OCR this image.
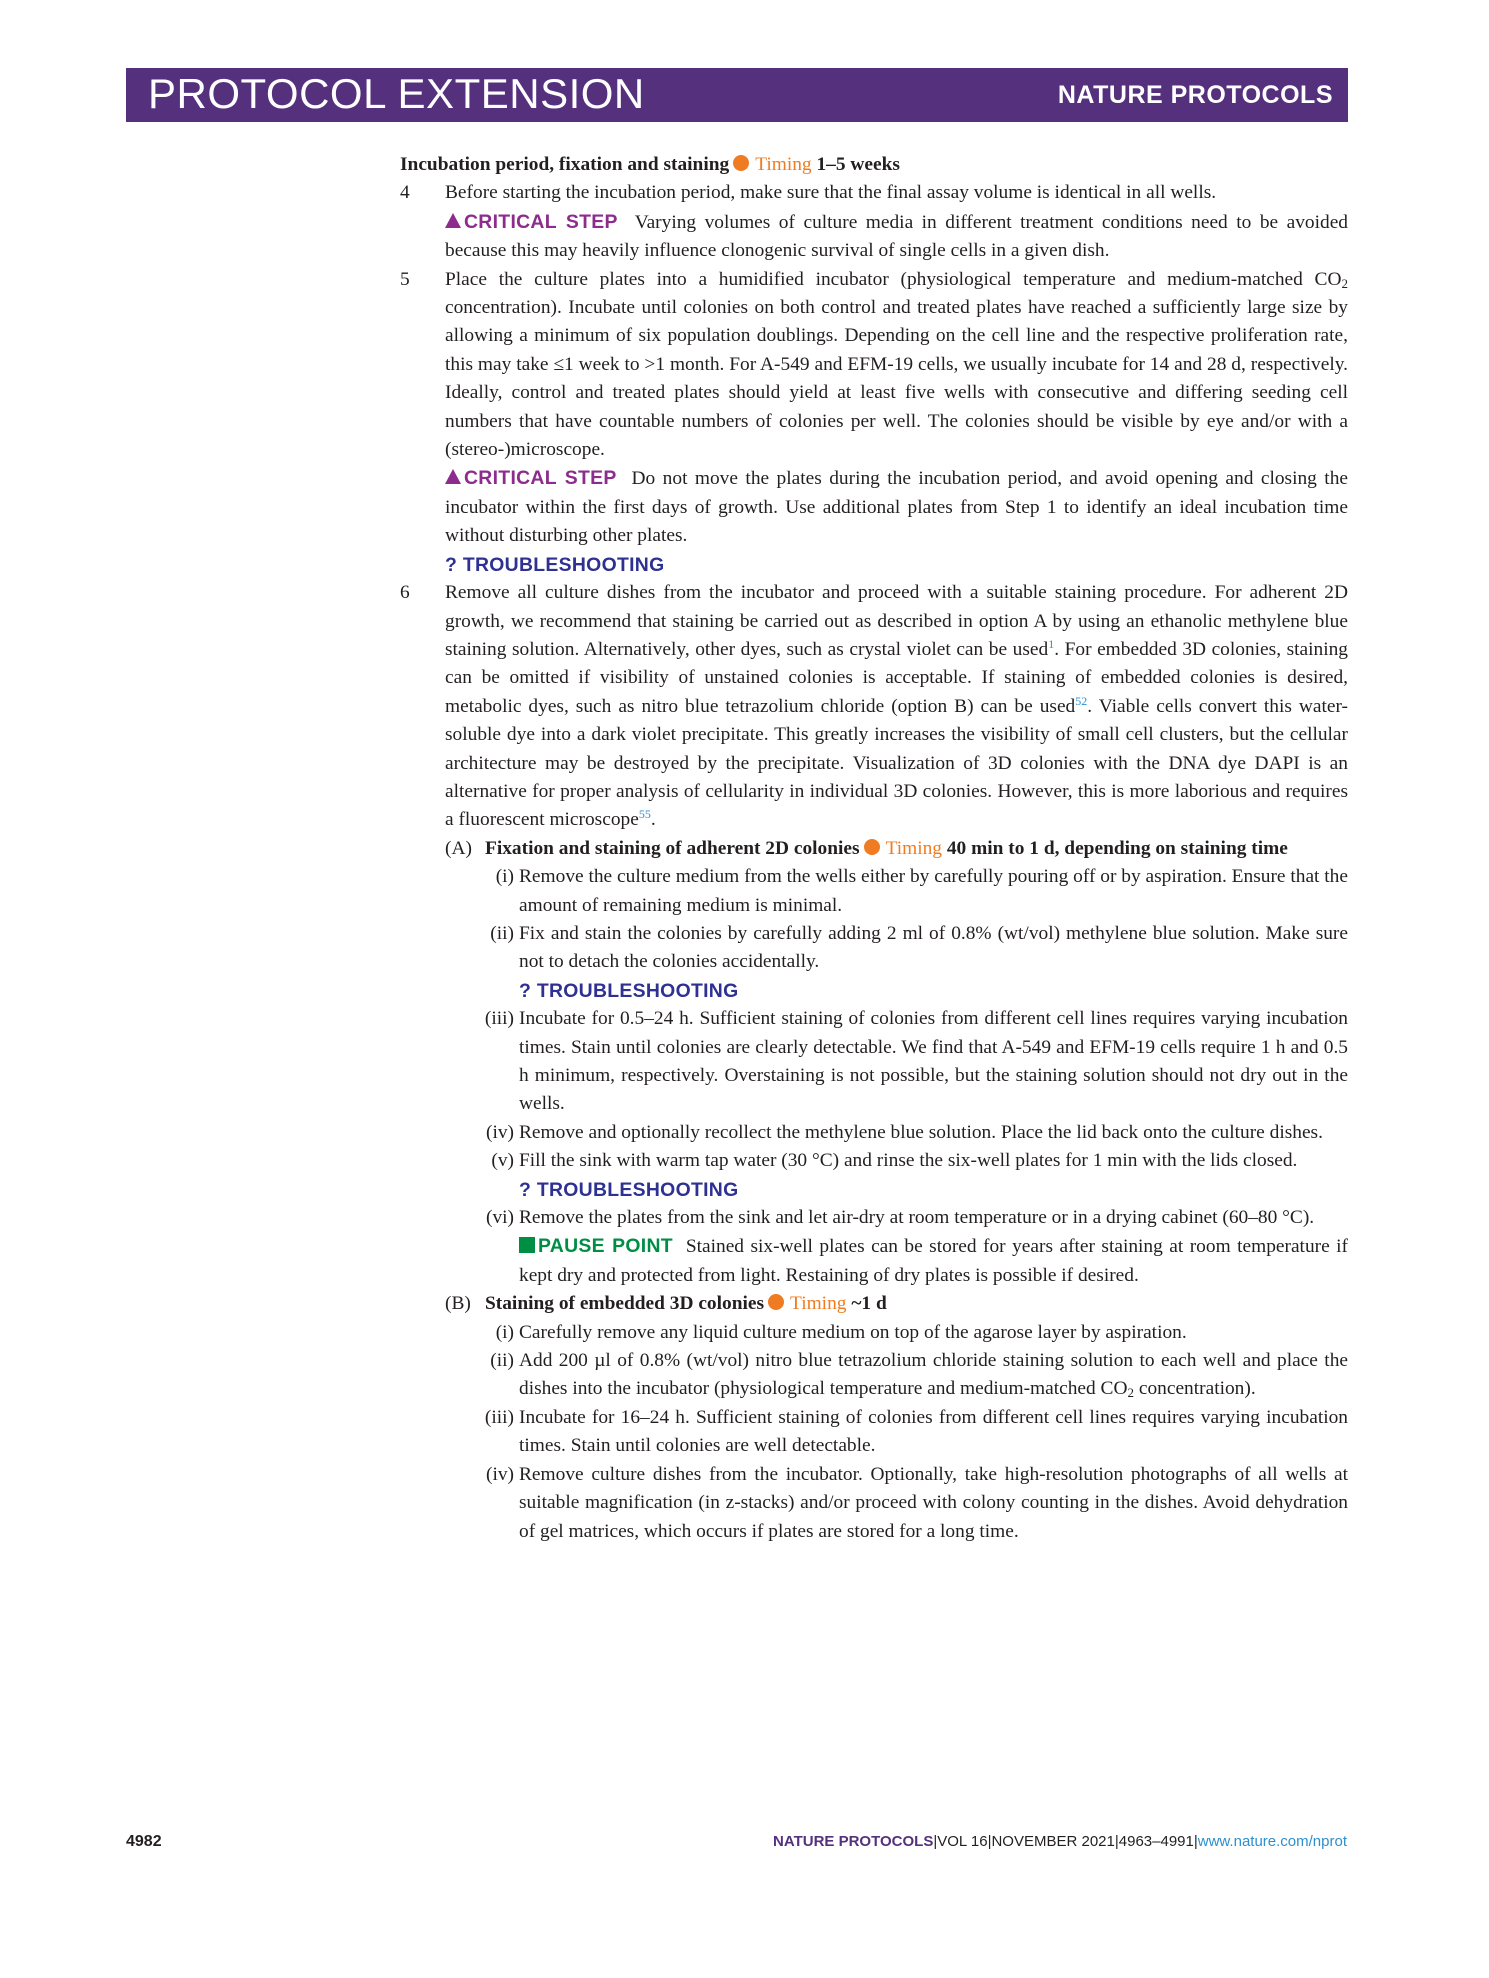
PROTOCOL EXTENSION	NATURE PROTOCOLS

Incubation period, fixation and staining Timing 1–5 weeks

4 Before starting the incubation period, make sure that the final assay volume is identical in all wells.

CRITICAL STEP Varying volumes of culture media in different treatment conditions need to be avoided because this may heavily influence clonogenic survival of single cells in a given dish.

5 Place the culture plates into a humidified incubator (physiological temperature and medium-matched $CO_2$ concentration). Incubate until colonies on both control and treated plates have reached a sufficiently large size by allowing a minimum of six population doublings. Depending on the cell line and the respective proliferation rate, this may take ≤1 week to >1 month. For A-549 and EFM-19 cells, we usually incubate for 14 and 28 d, respectively. Ideally, control and treated plates should yield at least five wells with consecutive and differing seeding cell numbers that have countable numbers of colonies per well. The colonies should be visible by eye and/or with a (stereo-)microscope.

CRITICAL STEP Do not move the plates during the incubation period, and avoid opening and closing the incubator within the first days of growth. Use additional plates from Step 1 to identify an ideal incubation time without disturbing other plates.

? TROUBLESHOOTING

6 Remove all culture dishes from the incubator and proceed with a suitable staining procedure. For adherent 2D growth, we recommend that staining be carried out as described in option A by using an ethanolic methylene blue staining solution. Alternatively, other dyes, such as crystal violet can be used$^1$. For embedded 3D colonies, staining can be omitted if visibility of unstained colonies is acceptable. If staining of embedded colonies is desired, metabolic dyes, such as nitro blue tetrazolium chloride (option B) can be used$^{52}$. Viable cells convert this water-soluble dye into a dark violet precipitate. This greatly increases the visibility of small cell clusters, but the cellular architecture may be destroyed by the precipitate. Visualization of 3D colonies with the DNA dye DAPI is an alternative for proper analysis of cellularity in individual 3D colonies. However, this is more laborious and requires a fluorescent microscope$^{55}$.

(A) Fixation and staining of adherent 2D colonies Timing 40 min to 1 d, depending on staining time

(i) Remove the culture medium from the wells either by carefully pouring off or by aspiration. Ensure that the amount of remaining medium is minimal.

(ii) Fix and stain the colonies by carefully adding 2 ml of 0.8% (wt/vol) methylene blue solution. Make sure not to detach the colonies accidentally.

? TROUBLESHOOTING

(iii) Incubate for 0.5–24 h. Sufficient staining of colonies from different cell lines requires varying incubation times. Stain until colonies are clearly detectable. We find that A-549 and EFM-19 cells require 1 h and 0.5 h minimum, respectively. Overstaining is not possible, but the staining solution should not dry out in the wells.

(iv) Remove and optionally recollect the methylene blue solution. Place the lid back onto the culture dishes.

(v) Fill the sink with warm tap water (30 °C) and rinse the six-well plates for 1 min with the lids closed.

? TROUBLESHOOTING

(vi) Remove the plates from the sink and let air-dry at room temperature or in a drying cabinet (60–80 °C).

PAUSE POINT Stained six-well plates can be stored for years after staining at room temperature if kept dry and protected from light. Restaining of dry plates is possible if desired.

(B) Staining of embedded 3D colonies Timing ~1 d

(i) Carefully remove any liquid culture medium on top of the agarose layer by aspiration.

(ii) Add 200 µl of 0.8% (wt/vol) nitro blue tetrazolium chloride staining solution to each well and place the dishes into the incubator (physiological temperature and medium-matched $CO_2$ concentration).

(iii) Incubate for 16–24 h. Sufficient staining of colonies from different cell lines requires varying incubation times. Stain until colonies are well detectable.

(iv) Remove culture dishes from the incubator. Optionally, take high-resolution photographs of all wells at suitable magnification (in z-stacks) and/or proceed with colony counting in the dishes. Avoid dehydration of gel matrices, which occurs if plates are stored for a long time.

4982	NATURE PROTOCOLS|VOL 16|NOVEMBER 2021|4963–4991|www.nature.com/nprot
